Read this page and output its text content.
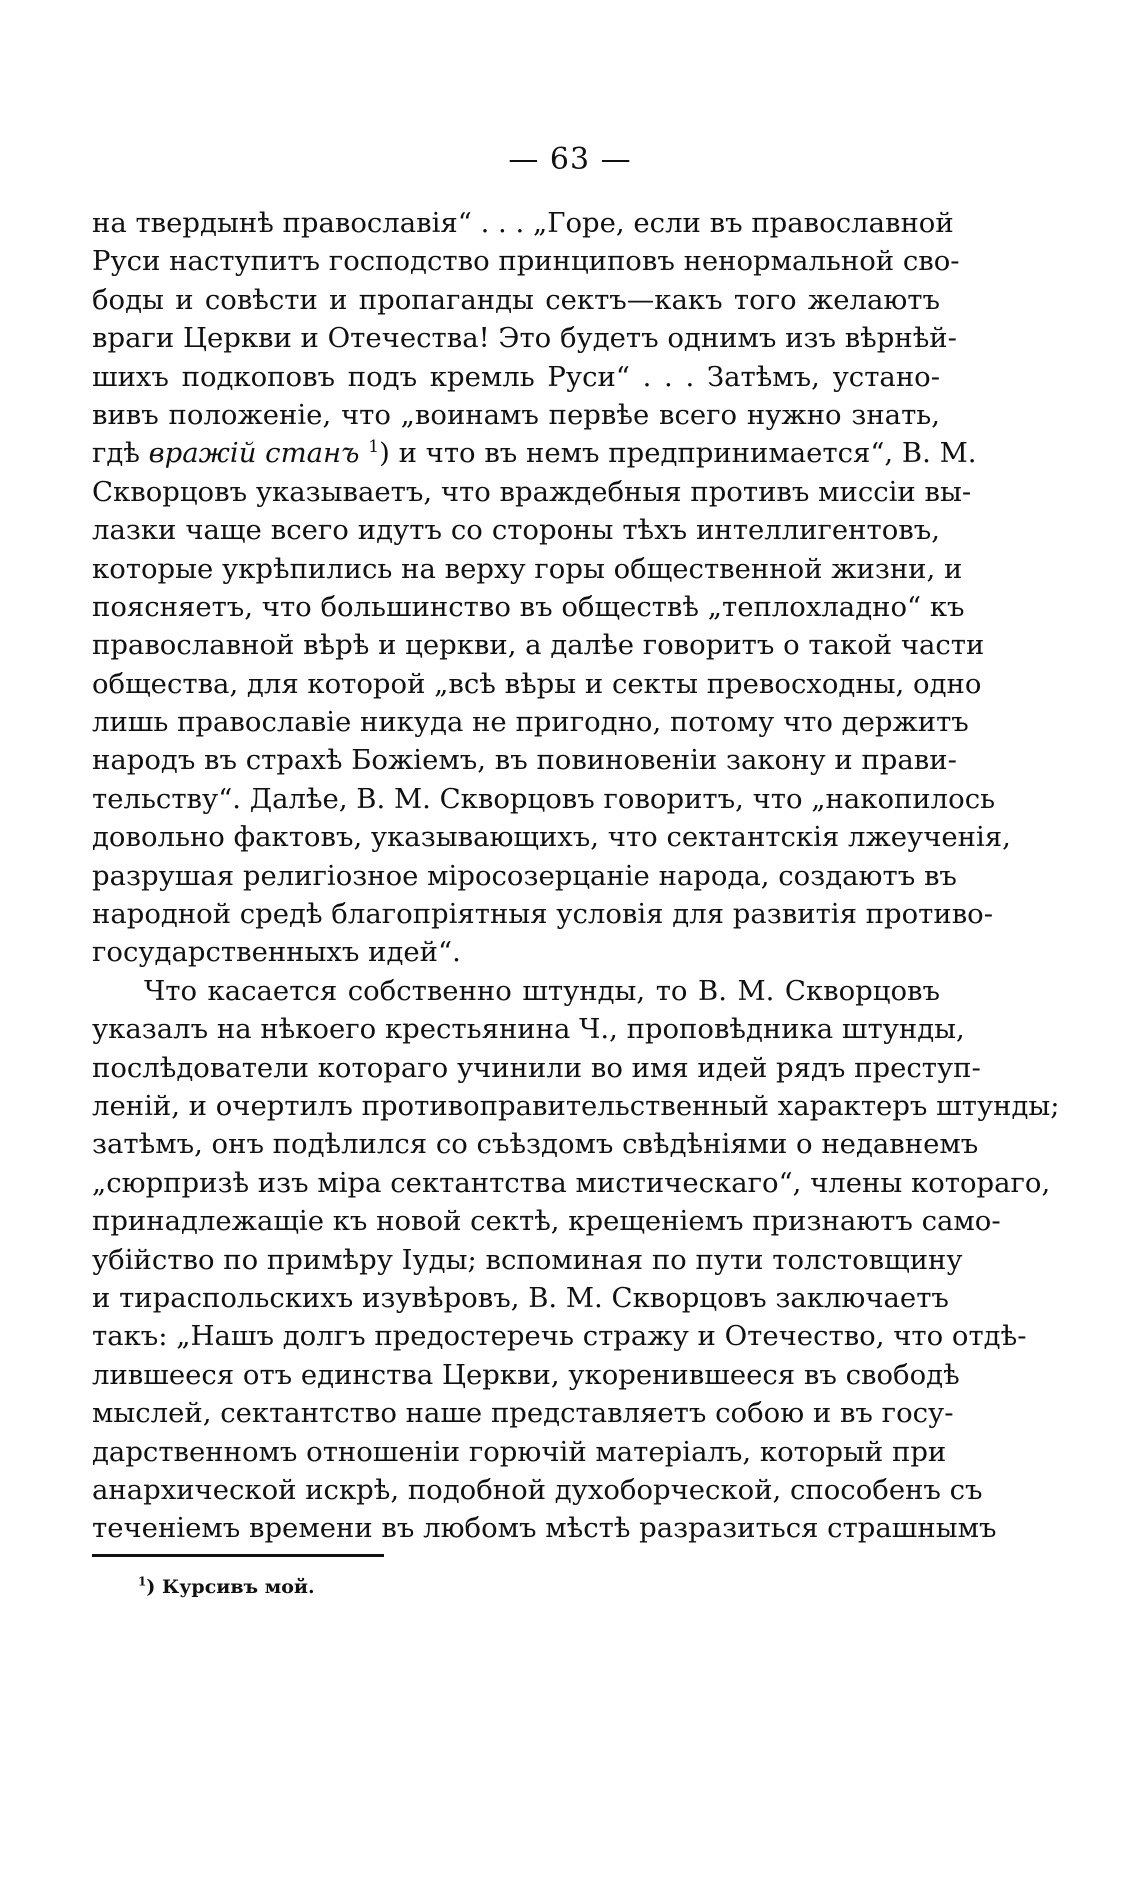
— 63 —
на твердынѣ православія“ . . . „Горе, если въ православной
Руси наступитъ господство принциповъ ненормальной сво-
боды и совѣсти и пропаганды сектъ—какъ того желаютъ
враги Церкви и Отечества! Это будетъ однимъ изъ вѣрнѣй-
шихъ подкоповъ подъ кремль Руси“ . . . Затѣмъ, устано-
вивъ положеніе, что „воинамъ первѣе всего нужно знать,
гдѣ вражій станъ $^1$) и что въ немъ предпринимается“, В. М.
Скворцовъ указываетъ, что враждебныя противъ миссіи вы-
лазки чаще всего идутъ со стороны тѣхъ интеллигентовъ,
которые укрѣпились на верху горы общественной жизни, и
поясняетъ, что большинство въ обществѣ „теплохладно“ къ
православной вѣрѣ и церкви, а далѣе говоритъ о такой части
общества, для которой „всѣ вѣры и секты превосходны, одно
лишь православіе никуда не пригодно, потому что держитъ
народъ въ страхѣ Божіемъ, въ повиновеніи закону и прави-
тельству“. Далѣе, В. М. Скворцовъ говоритъ, что „накопилось
довольно фактовъ, указывающихъ, что сектантскія лжеученія,
разрушая религіозное міросозерцаніе народа, создаютъ въ
народной средѣ благопріятныя условія для развитія противо-
государственныхъ идей“.
Что касается собственно штунды, то В. М. Скворцовъ
указалъ на нѣкоего крестьянина Ч., проповѣдника штунды,
послѣдователи котораго учинили во имя идей рядъ преступ-
леній, и очертилъ противоправительственный характеръ штунды;
затѣмъ, онъ подѣлился со съѣздомъ свѣдѣніями о недавнемъ
„сюрпризѣ изъ міра сектантства мистическаго“, члены котораго,
принадлежащіе къ новой сектѣ, крещеніемъ признаютъ само-
убійство по примѣру Іуды; вспоминая по пути толстовщину
и тираспольскихъ изувѣровъ, В. М. Скворцовъ заключаетъ
такъ: „Нашъ долгъ предостеречь стражу и Отечество, что отдѣ-
лившееся отъ единства Церкви, укоренившееся въ свободѣ
мыслей, сектантство наше представляетъ собою и въ госу-
дарственномъ отношеніи горючій матеріалъ, который при
анархической искрѣ, подобной духоборческой, способенъ съ
теченіемъ времени въ любомъ мѣстѣ разразиться страшнымъ
$^1$) Курсивъ мой.
